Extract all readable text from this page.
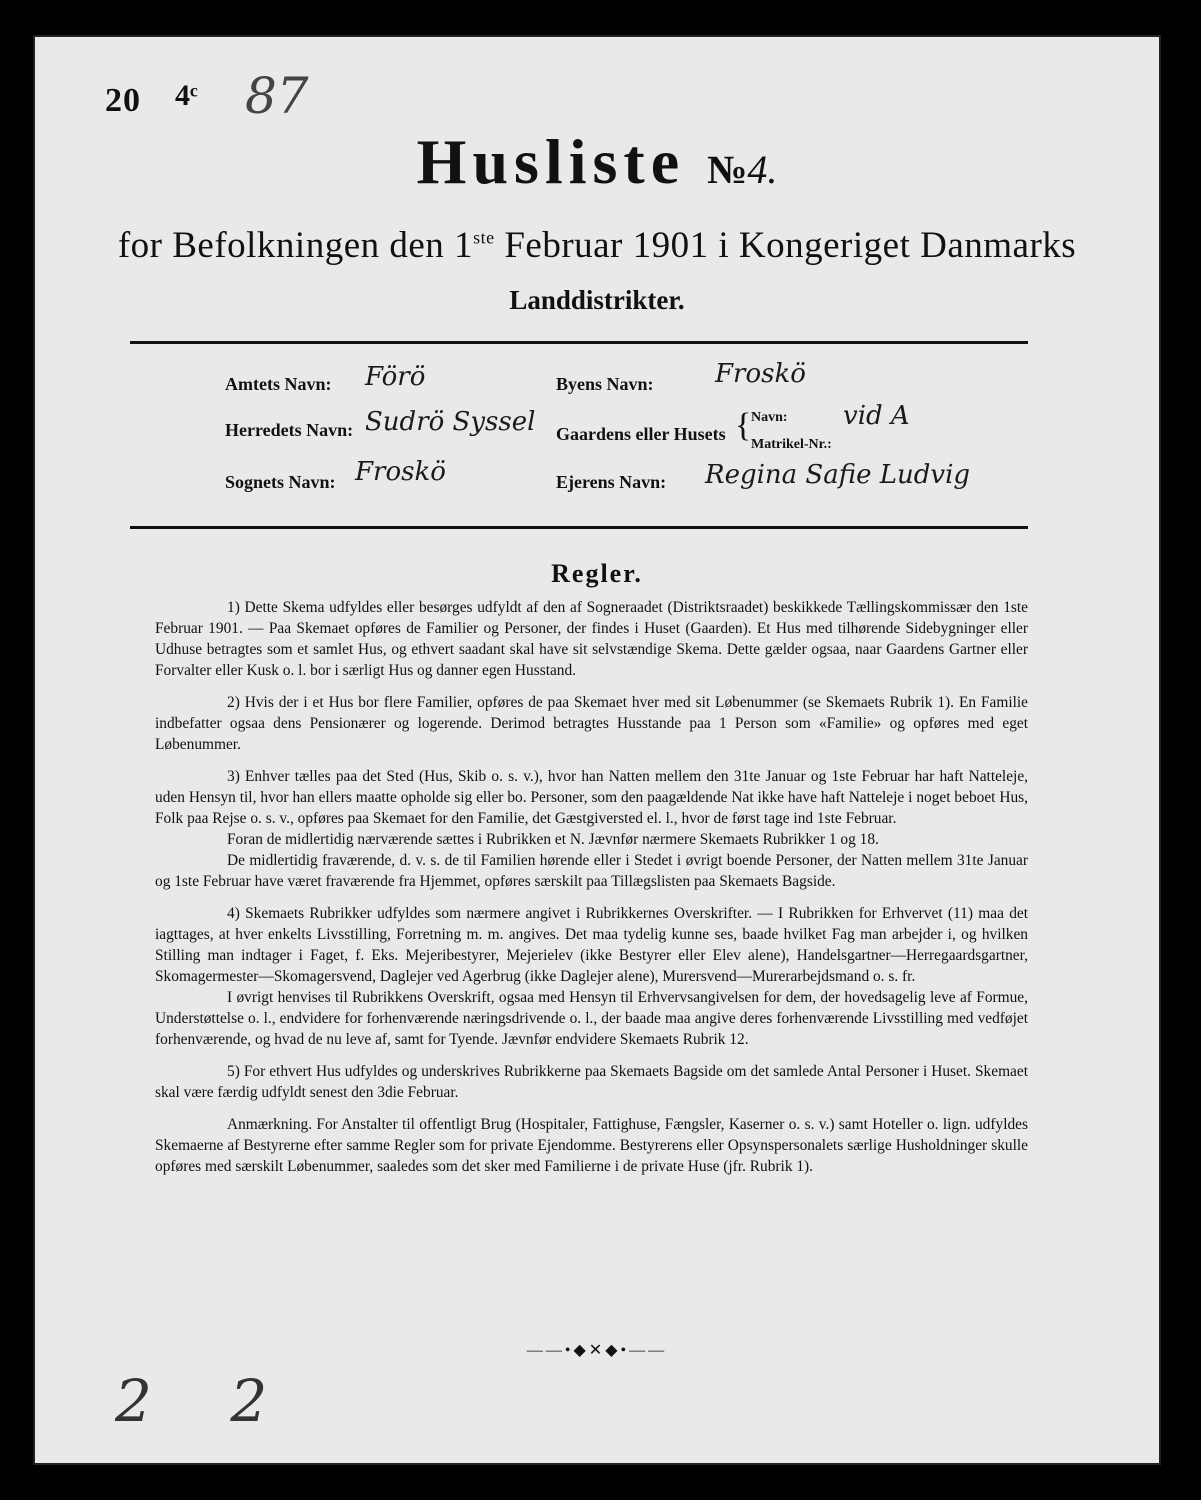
20 4ᶜ 87
Husliste №4.
for Befolkningen den 1ste Februar 1901 i Kongeriget Danmarks
Landdistrikter.
Amtets Navn: Förö
Herredets Navn: Sudrö Syssel
Sognets Navn: Froskö
Byens Navn: Froskö
Gaardens eller Husets { Navn: vid A
Matrikel-Nr.:
Ejerens Navn: Regina Safie Ludvig
Regler.

1) Dette Skema udfyldes eller besørges udfyldt af den af Sogneraadet (Distriktsraadet) beskikkede Tællingskommissær den 1ste Februar 1901. — Paa Skemaet opføres de Familier og Personer, der findes i Huset (Gaarden). Et Hus med tilhørende Sidebygninger eller Udhuse betragtes som et samlet Hus, og ethvert saadant skal have sit selvstændige Skema. Dette gælder ogsaa, naar Gaardens Gartner eller Forvalter eller Kusk o. l. bor i særligt Hus og danner egen Husstand.

2) Hvis der i et Hus bor flere Familier, opføres de paa Skemaet hver med sit Løbenummer (se Skemaets Rubrik 1). En Familie indbefatter ogsaa dens Pensionærer og logerende. Derimod betragtes Husstande paa 1 Person som «Familie» og opføres med eget Løbenummer.

3) Enhver tælles paa det Sted (Hus, Skib o. s. v.), hvor han Natten mellem den 31te Januar og 1ste Februar har haft Natteleje, uden Hensyn til, hvor han ellers maatte opholde sig eller bo. Personer, som den paagældende Nat ikke have haft Natteleje i noget beboet Hus, Folk paa Rejse o. s. v., opføres paa Skemaet for den Familie, det Gæstgiversted el. l., hvor de først tage ind 1ste Februar.

Foran de midlertidig nærværende sættes i Rubrikken et N. Jævnfør nærmere Skemaets Rubrikker 1 og 18.

De midlertidig fraværende, d. v. s. de til Familien hørende eller i Stedet i øvrigt boende Personer, der Natten mellem 31te Januar og 1ste Februar have været fraværende fra Hjemmet, opføres særskilt paa Tillægslisten paa Skemaets Bagside.

4) Skemaets Rubrikker udfyldes som nærmere angivet i Rubrikkernes Overskrifter. — I Rubrikken for Erhvervet (11) maa det iagttages, at hver enkelts Livsstilling, Forretning m. m. angives. Det maa tydelig kunne ses, baade hvilket Fag man arbejder i, og hvilken Stilling man indtager i Faget, f. Eks. Mejeribestyrer, Mejerielev (ikke Bestyrer eller Elev alene), Handelsgartner—Herregaardsgartner, Skomagermester—Skomagersvend, Daglejer ved Agerbrug (ikke Daglejer alene), Murersvend—Murerarbejdsmand o. s. fr.

I øvrigt henvises til Rubrikkens Overskrift, ogsaa med Hensyn til Erhvervsangivelsen for dem, der hovedsagelig leve af Formue, Understøttelse o. l., endvidere for forhenværende næringsdrivende o. l., der baade maa angive deres forhenværende Livsstilling med vedføjet forhenværende, og hvad de nu leve af, samt for Tyende. Jævnfør endvidere Skemaets Rubrik 12.

5) For ethvert Hus udfyldes og underskrives Rubrikkerne paa Skemaets Bagside om det samlede Antal Personer i Huset. Skemaet skal være færdig udfyldt senest den 3die Februar.

Anmærkning. For Anstalter til offentligt Brug (Hospitaler, Fattighuse, Fængsler, Kaserner o. s. v.) samt Hoteller o. lign. udfyldes Skemaerne af Bestyrerne efter samme Regler som for private Ejendomme. Bestyrerens eller Opsynspersonalets særlige Husholdninger skulle opføres med særskilt Løbenummer, saaledes som det sker med Familierne i de private Huse (jfr. Rubrik 1).

——•◆✕◆•——
2 2
